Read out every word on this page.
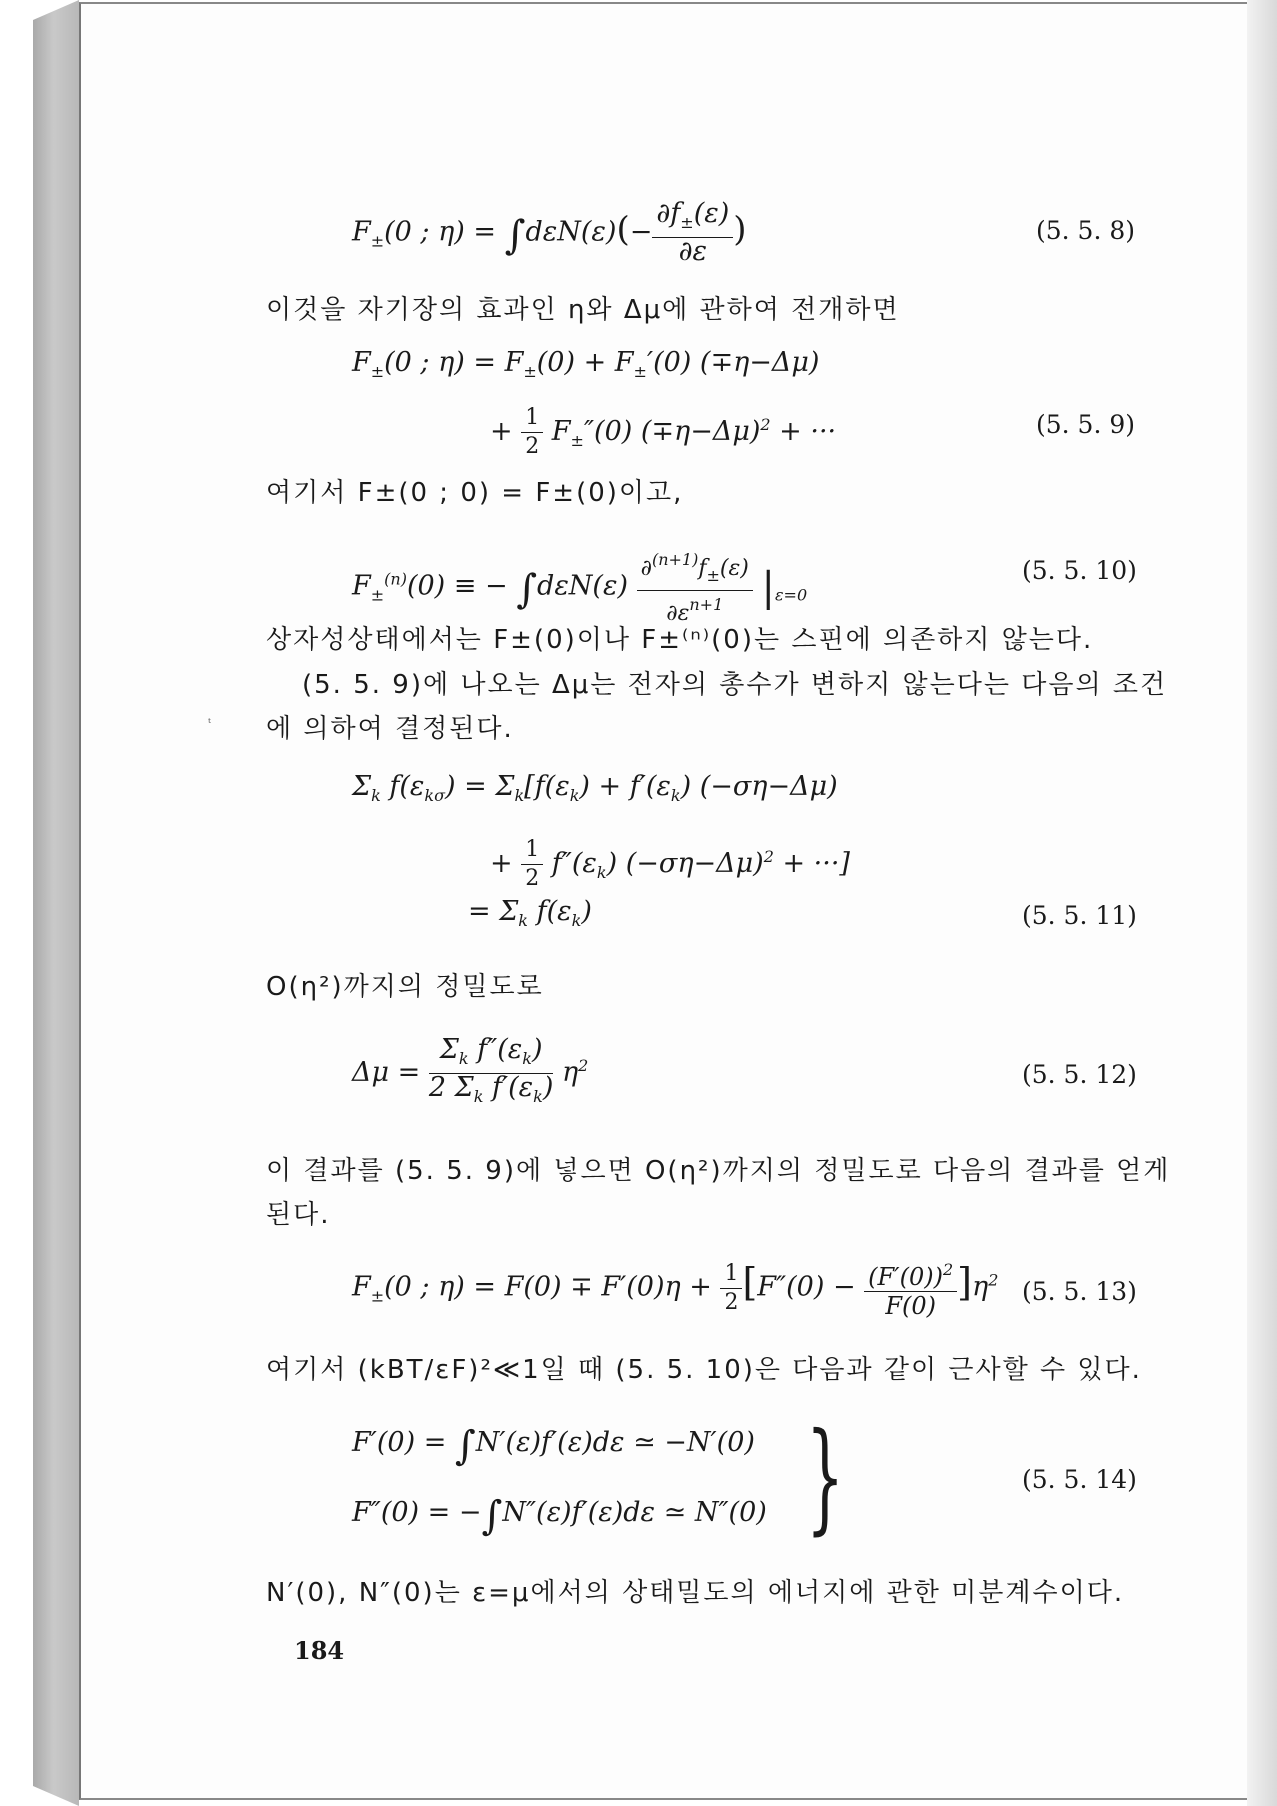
$F_\pm(0$ ; $\eta) = \int d\varepsilon N(\varepsilon)(- \frac{\partial f_\pm(\varepsilon)}{\partial\varepsilon}$ )	(5. 5. 8)
이것을 자기장의 효과인 η와 Δμ에 관하여 전개하면
$F_\pm(0$ ; $\eta) = F_\pm(0) + F_\pm'(0)$ (∓η−Δμ)
+ $\frac{1}{2} F_\pm''(0) (\mp\eta-\Delta\mu)^2$ + ···	(5. 5. 9)
여기서 F±(0 ; 0) = F±(0)이고,
$F_\pm^{(n)}(0)$ ≡ − $\int d\varepsilon N(\varepsilon) \frac{\partial^{(n+1)}f_\pm(\varepsilon)}{\partial\varepsilon^{n+1}} |_{\varepsilon=0}$
(5. 5. 10)
상자성상태에서는 F±(0)이나 F±⁽ⁿ⁾(0)는 스핀에 의존하지 않는다.
(5. 5. 9)에 나오는 Δμ는 전자의 총수가 변하지 않는다는 다음의 조건
에 의하여 결정된다.
ᵗ
$\Sigma_k$ $f(\varepsilon_{k\sigma}) = \Sigma_k[f(\varepsilon_k) + f'(\varepsilon_k)$ (−ση−Δμ)
+ $\frac{1}{2} f''(\varepsilon_k) (-\sigma\eta-\Delta\mu)^2$ + ···]
= $\Sigma_k$ $f(\varepsilon_k)$	(5. 5. 11)
O(η²)까지의 정밀도로
$\Delta\mu = \frac{\Sigma_k f''(\varepsilon_k)}{2 \Sigma_k f'(\varepsilon_k)} \eta^2$	(5. 5. 12)
이 결과를 (5. 5. 9)에 넣으면 O(η²)까지의 정밀도로 다음의 결과를 얻게
된다.
$F_\pm(0$ ; $\eta) = F(0) \mp F'(0)\eta + \frac{1}{2} [F''(0) - \frac{(F'(0))^2}{F(0)} ]\eta^2$ (5. 5. 13)
여기서 (kBT/εF)²≪1일 때 (5. 5. 10)은 다음과 같이 근사할 수 있다.
F′(0) = ∫N′(ε)f′(ε)dε ≃ −N′(0)
F″(0) = −∫N″(ε)f′(ε)dε ≃ N″(0) }	(5. 5. 14)
N′(0), N″(0)는 ε=μ에서의 상태밀도의 에너지에 관한 미분계수이다.
184
